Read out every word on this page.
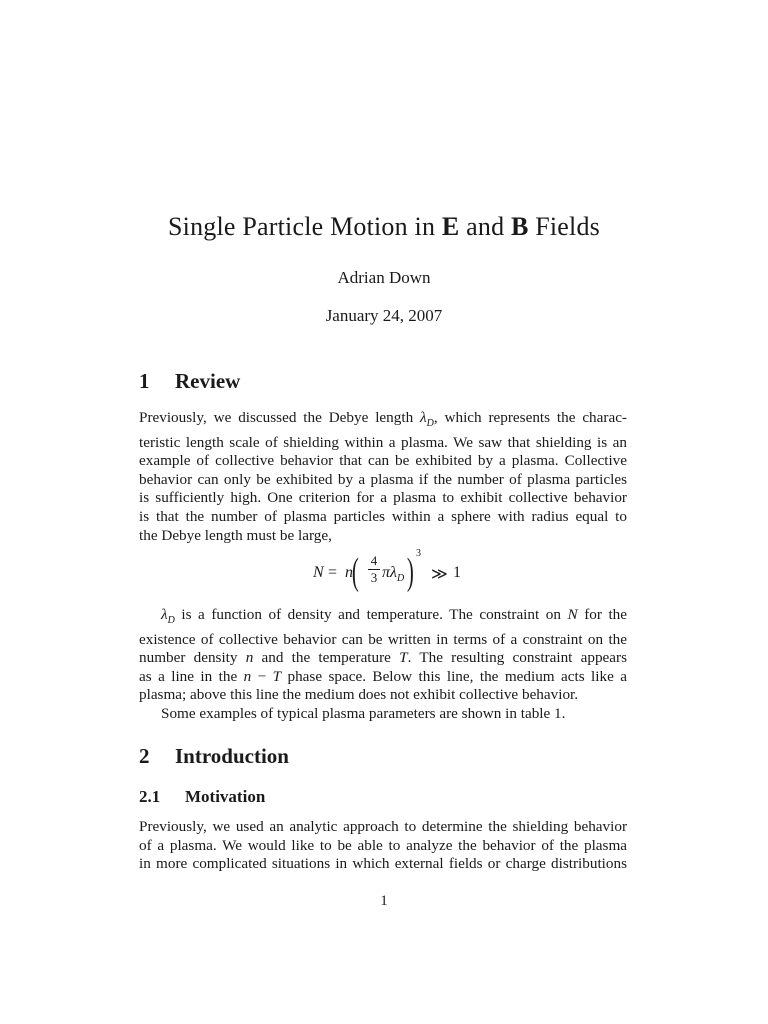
Single Particle Motion in E and B Fields
Adrian Down
January 24, 2007
1 Review
Previously, we discussed the Debye length $\lambda_D$, which represents the charac-
teristic length scale of shielding within a plasma. We saw that shielding is an
example of collective behavior that can be exhibited by a plasma. Collective
behavior can only be exhibited by a plasma if the number of plasma particles
is sufficiently high. One criterion for a plasma to exhibit collective behavior
is that the number of plasma particles within a sphere with radius equal to
the Debye length must be large,
N = n
( 4
3 $\pi\lambda_D$ ) 3
≫ 1
$\lambda_D$ is a function of density and temperature. The constraint on N for the
existence of collective behavior can be written in terms of a constraint on the
number density n and the temperature T. The resulting constraint appears
as a line in the n − T phase space. Below this line, the medium acts like a
plasma; above this line the medium does not exhibit collective behavior.
Some examples of typical plasma parameters are shown in table 1.
2 Introduction
2.1 Motivation
Previously, we used an analytic approach to determine the shielding behavior
of a plasma. We would like to be able to analyze the behavior of the plasma
in more complicated situations in which external fields or charge distributions
1
